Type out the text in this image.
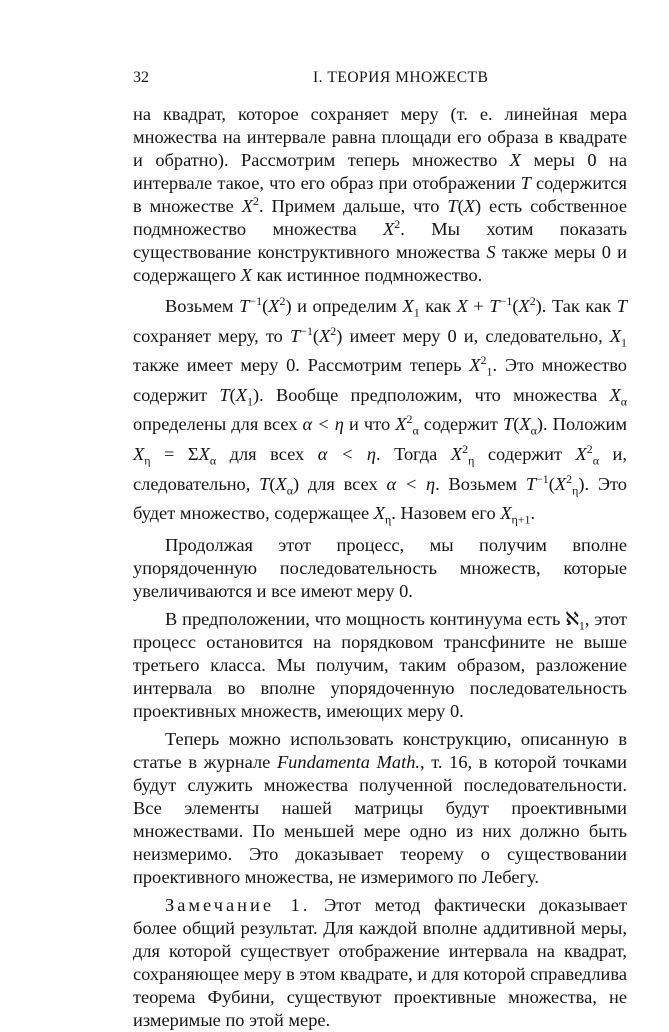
32	I. ТЕОРИЯ МНОЖЕСТВ

на квадрат, которое сохраняет меру (т. е. линейная мера множества на интервале равна площади его образа в квадрате и обратно). Рассмотрим теперь множество X меры 0 на интервале такое, что его образ при отображении T содержится в множестве $X^2$. Примем дальше, что T(X) есть собственное подмножество множества $X^2$. Мы хотим показать существование конструктивного множества S также меры 0 и содержащего X как истинное подмножество.

Возьмем $T^{-1}(X^2)$ и определим $X_1$ как $X + T^{-1}(X^2)$. Так как T сохраняет меру, то $T^{-1}(X^2)$ имеет меру 0 и, следовательно, $X_1$ также имеет меру 0. Рассмотрим теперь $X^2_1$. Это множество содержит $T(X_1)$. Вообще предположим, что множества $X_\alpha$ определены для всех α < η и что $X^2_\alpha$ содержит $T(X_\alpha)$. Положим $X_\eta = \Sigma X_\alpha$ для всех α < η. Тогда $X^2_\eta$ содержит $X^2_\alpha$ и, следовательно, $T(X_\alpha)$ для всех α < η. Возьмем $T^{-1}(X^2_\eta)$. Это будет множество, содержащее $X_\eta$. Назовем его $X_{\eta+1}$.

Продолжая этот процесс, мы получим вполне упорядоченную последовательность множеств, которые увеличиваются и все имеют меру 0.

В предположении, что мощность континуума есть ℵ$_1$, этот процесс остановится на порядковом трансфините не выше третьего класса. Мы получим, таким образом, разложение интервала во вполне упорядоченную последовательность проективных множеств, имеющих меру 0.

Теперь можно использовать конструкцию, описанную в статье в журнале Fundamenta Math., т. 16, в которой точками будут служить множества полученной последовательности. Все элементы нашей матрицы будут проективными множествами. По меньшей мере одно из них должно быть неизмеримо. Это доказывает теорему о существовании проективного множества, не измеримого по Лебегу.

Замечание 1. Этот метод фактически доказывает более общий результат. Для каждой вполне аддитивной меры, для которой существует отображение интервала на квадрат, сохраняющее меру в этом квадрате, и для которой справедлива теорема Фубини, существуют проективные множества, не измеримые по этой мере.
